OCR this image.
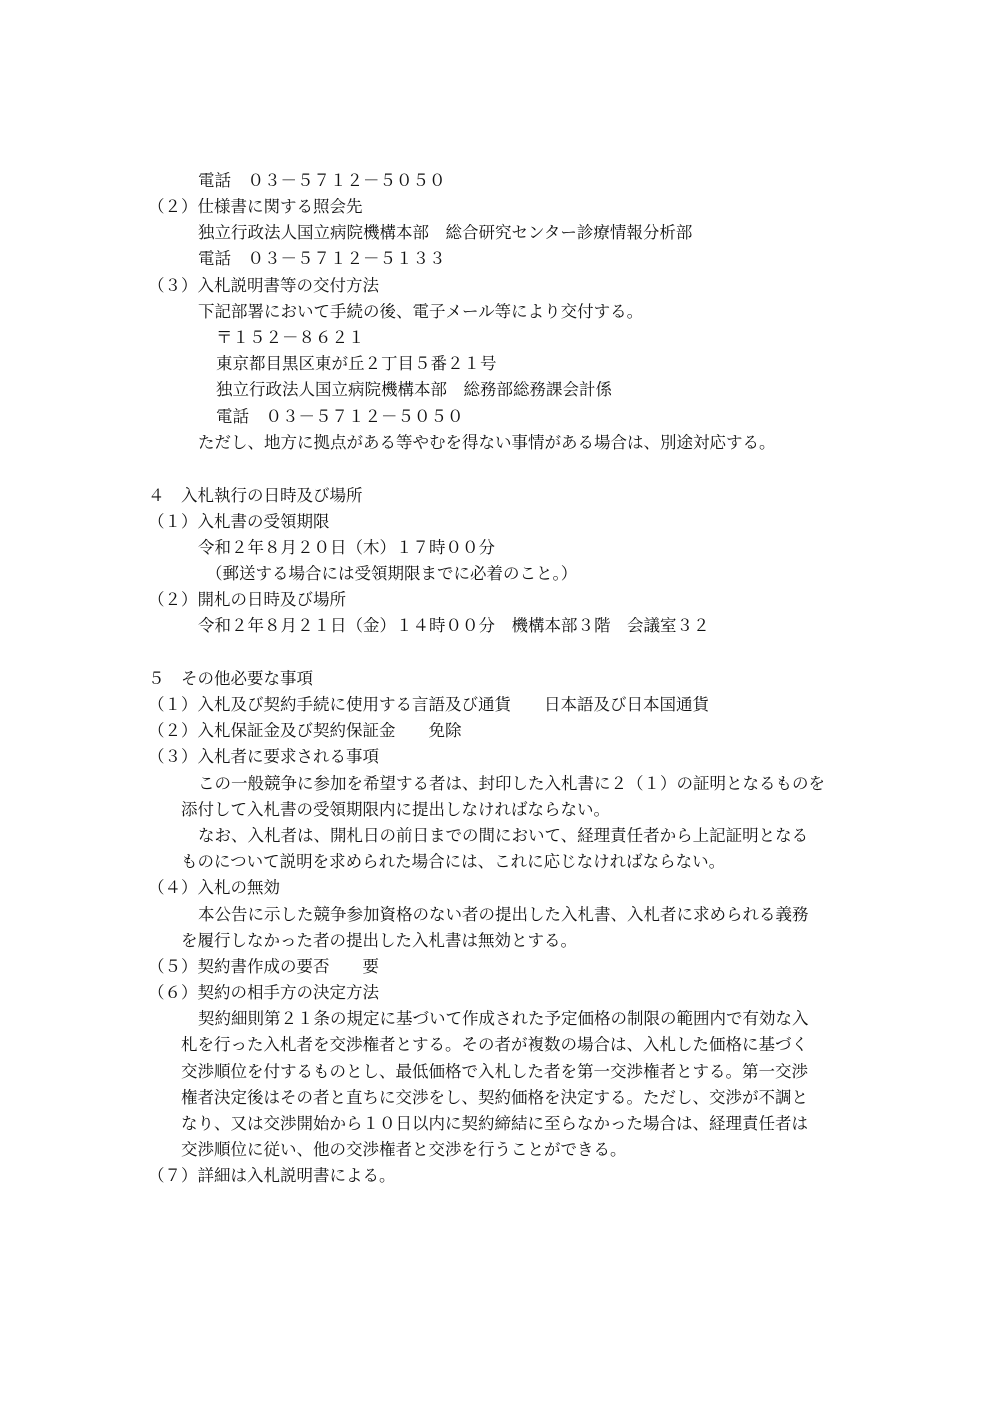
電話　０３－５７１２－５０５０

（２）仕様書に関する照会先

独立行政法人国立病院機構本部　総合研究センター診療情報分析部

電話　０３－５７１２－５１３３

（３）入札説明書等の交付方法

下記部署において手続の後、電子メール等により交付する。

〒１５２－８６２１

東京都目黒区東が丘２丁目５番２１号

独立行政法人国立病院機構本部　総務部総務課会計係

電話　０３－５７１２－５０５０

ただし、地方に拠点がある等やむを得ない事情がある場合は、別途対応する。

４　入札執行の日時及び場所

（１）入札書の受領期限

令和２年８月２０日（木）１７時００分

（郵送する場合には受領期限までに必着のこと。）

（２）開札の日時及び場所

令和２年８月２１日（金）１４時００分　機構本部３階　会議室３２

５　その他必要な事項

（１）入札及び契約手続に使用する言語及び通貨　　日本語及び日本国通貨

（２）入札保証金及び契約保証金　　免除

（３）入札者に要求される事項

この一般競争に参加を希望する者は、封印した入札書に２（１）の証明となるものを

添付して入札書の受領期限内に提出しなければならない。

なお、入札者は、開札日の前日までの間において、経理責任者から上記証明となる

ものについて説明を求められた場合には、これに応じなければならない。

（４）入札の無効

本公告に示した競争参加資格のない者の提出した入札書、入札者に求められる義務

を履行しなかった者の提出した入札書は無効とする。

（５）契約書作成の要否　　要

（６）契約の相手方の決定方法

契約細則第２１条の規定に基づいて作成された予定価格の制限の範囲内で有効な入

札を行った入札者を交渉権者とする。その者が複数の場合は、入札した価格に基づく

交渉順位を付するものとし、最低価格で入札した者を第一交渉権者とする。第一交渉

権者決定後はその者と直ちに交渉をし、契約価格を決定する。ただし、交渉が不調と

なり、又は交渉開始から１０日以内に契約締結に至らなかった場合は、経理責任者は

交渉順位に従い、他の交渉権者と交渉を行うことができる。

（７）詳細は入札説明書による。
